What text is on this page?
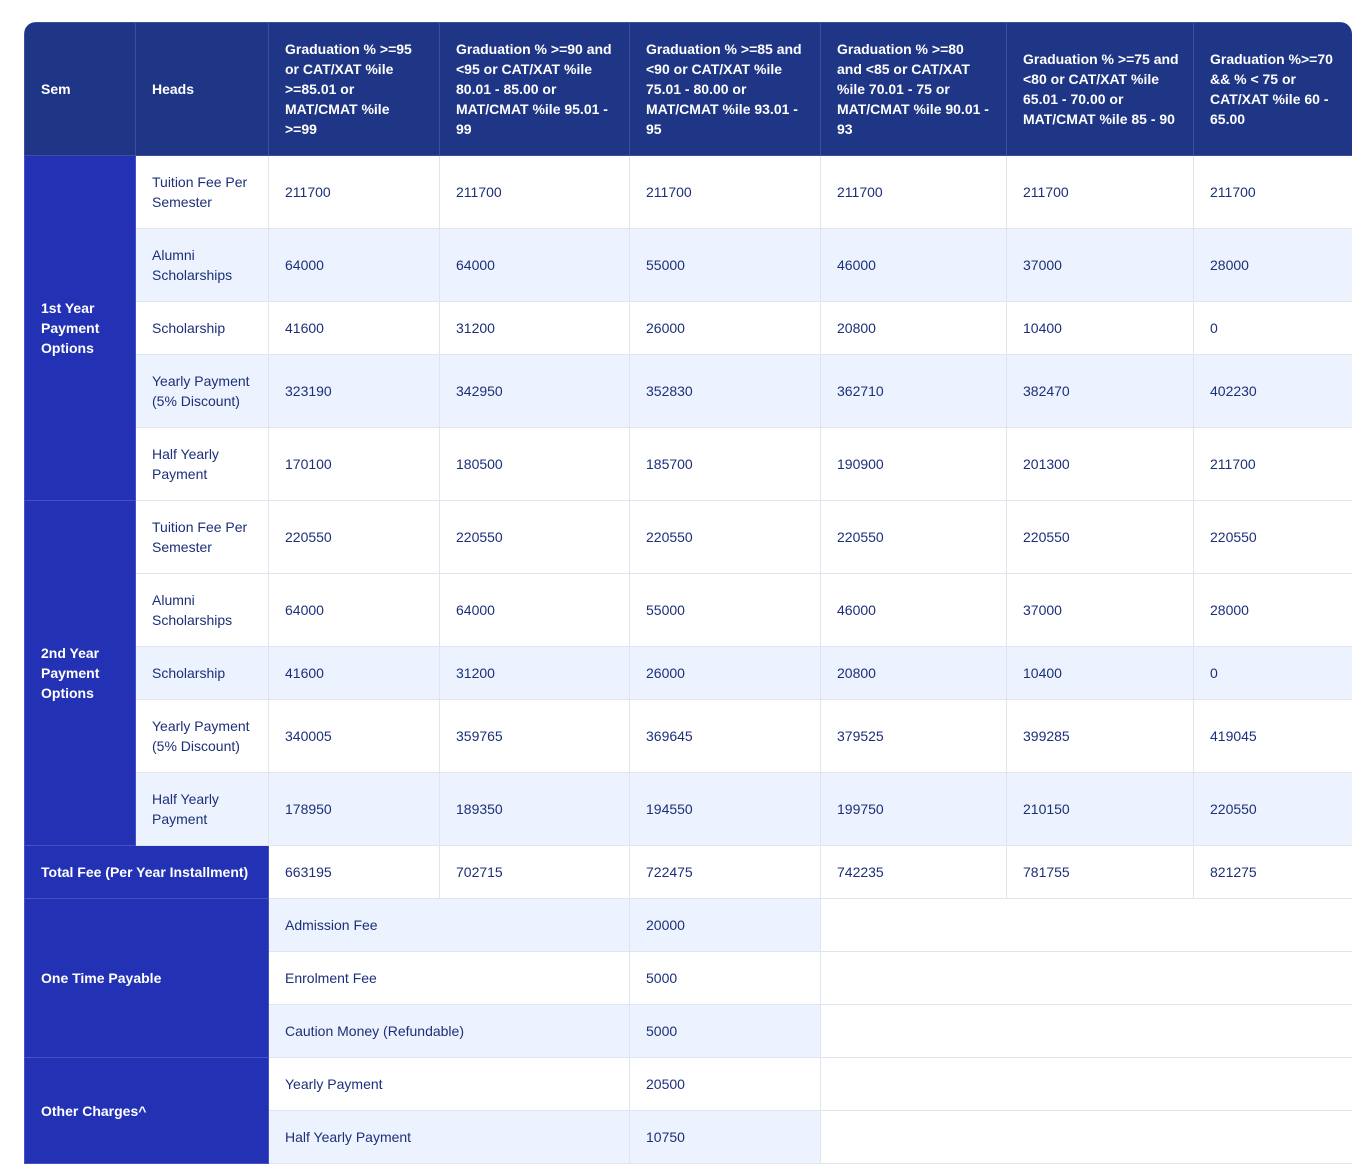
Sem	Heads	Graduation % >=95 or CAT/XAT %ile >=85.01 or MAT/CMAT %ile >=99	Graduation % >=90 and <95 or CAT/XAT %ile 80.01 - 85.00 or MAT/CMAT %ile 95.01 - 99	Graduation % >=85 and <90 or CAT/XAT %ile 75.01 - 80.00 or MAT/CMAT %ile 93.01 - 95	Graduation % >=80 and <85 or CAT/XAT %ile 70.01 - 75 or MAT/CMAT %ile 90.01 - 93	Graduation % >=75 and <80 or CAT/XAT %ile 65.01 - 70.00 or MAT/CMAT %ile 85 - 90	Graduation %>=70 && % < 75 or CAT/XAT %ile 60 - 65.00
1st Year Payment Options	Tuition Fee Per Semester	211700	211700	211700	211700	211700	211700
	Alumni Scholarships	64000	64000	55000	46000	37000	28000
	Scholarship	41600	31200	26000	20800	10400	0
	Yearly Payment (5% Discount)	323190	342950	352830	362710	382470	402230
	Half Yearly Payment	170100	180500	185700	190900	201300	211700
2nd Year Payment Options	Tuition Fee Per Semester	220550	220550	220550	220550	220550	220550
	Alumni Scholarships	64000	64000	55000	46000	37000	28000
	Scholarship	41600	31200	26000	20800	10400	0
	Yearly Payment (5% Discount)	340005	359765	369645	379525	399285	419045
	Half Yearly Payment	178950	189350	194550	199750	210150	220550
Total Fee (Per Year Installment)		663195	702715	722475	742235	781755	821275
One Time Payable		Admission Fee		20000			
		Enrolment Fee		5000			
		Caution Money (Refundable)		5000			
Other Charges^		Yearly Payment		20500			
		Half Yearly Payment		10750			
